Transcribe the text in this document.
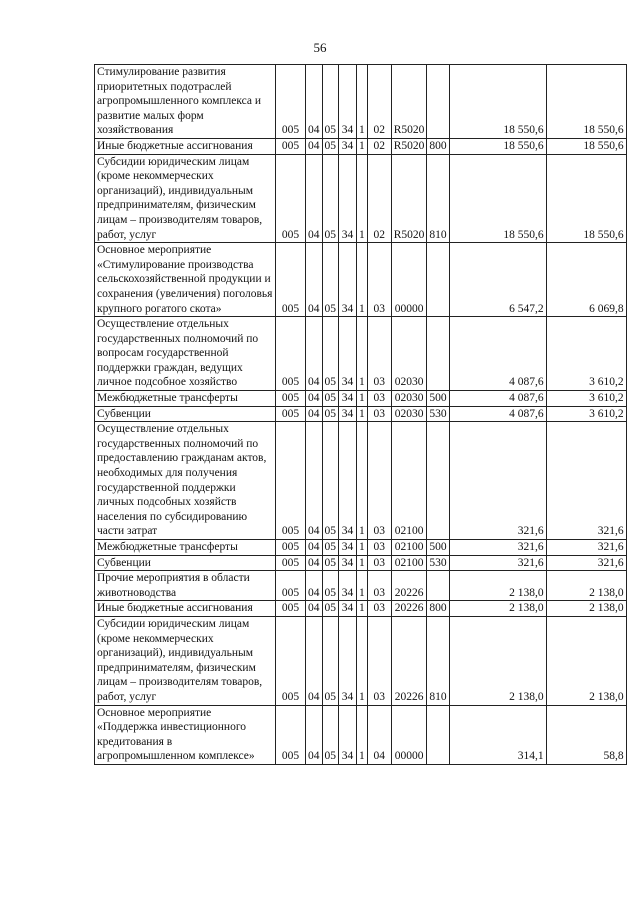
56
Стимулирование развития приоритетных подотраслей агропромышленного комплекса и развитие малых форм хозяйствования	005	04	05	34	1	02	R5020		18 550,6	18 550,6
Иные бюджетные ассигнования	005	04	05	34	1	02	R5020	800	18 550,6	18 550,6
Субсидии юридическим лицам (кроме некоммерческих организаций), индивидуальным предпринимателям, физическим лицам – производителям товаров, работ, услуг	005	04	05	34	1	02	R5020	810	18 550,6	18 550,6
Основное мероприятие «Стимулирование производства сельскохозяйственной продукции и сохранения (увеличения) поголовья крупного рогатого скота»	005	04	05	34	1	03	00000		6 547,2	6 069,8
Осуществление отдельных государственных полномочий по вопросам государственной поддержки граждан, ведущих личное подсобное хозяйство	005	04	05	34	1	03	02030		4 087,6	3 610,2
Межбюджетные трансферты	005	04	05	34	1	03	02030	500	4 087,6	3 610,2
Субвенции	005	04	05	34	1	03	02030	530	4 087,6	3 610,2
Осуществление отдельных государственных полномочий по предоставлению гражданам актов, необходимых для получения государственной поддержки личных подсобных хозяйств населения по субсидированию части затрат	005	04	05	34	1	03	02100		321,6	321,6
Межбюджетные трансферты	005	04	05	34	1	03	02100	500	321,6	321,6
Субвенции	005	04	05	34	1	03	02100	530	321,6	321,6
Прочие мероприятия в области животноводства	005	04	05	34	1	03	20226		2 138,0	2 138,0
Иные бюджетные ассигнования	005	04	05	34	1	03	20226	800	2 138,0	2 138,0
Субсидии юридическим лицам (кроме некоммерческих организаций), индивидуальным предпринимателям, физическим лицам – производителям товаров, работ, услуг	005	04	05	34	1	03	20226	810	2 138,0	2 138,0
Основное мероприятие «Поддержка инвестиционного кредитования в агропромышленном комплексе»	005	04	05	34	1	04	00000		314,1	58,8
